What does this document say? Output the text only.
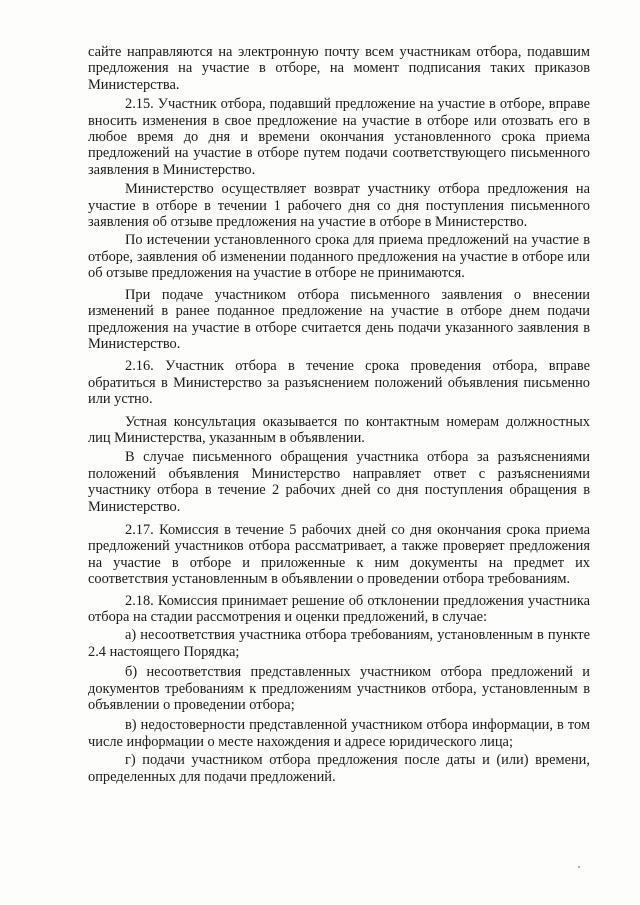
сайте направляются на электронную почту всем участникам отбора, подавшим предложения на участие в отборе, на момент подписания таких приказов Министерства.

2.15. Участник отбора, подавший предложение на участие в отборе, вправе вносить изменения в свое предложение на участие в отборе или отозвать его в любое время до дня и времени окончания установленного срока приема предложений на участие в отборе путем подачи соответствующего письменного заявления в Министерство.

Министерство осуществляет возврат участнику отбора предложения на участие в отборе в течении 1 рабочего дня со дня поступления письменного заявления об отзыве предложения на участие в отборе в Министерство.

По истечении установленного срока для приема предложений на участие в отборе, заявления об изменении поданного предложения на участие в отборе или об отзыве предложения на участие в отборе не принимаются.

При подаче участником отбора письменного заявления о внесении изменений в ранее поданное предложение на участие в отборе днем подачи предложения на участие в отборе считается день подачи указанного заявления в Министерство.

2.16. Участник отбора в течение срока проведения отбора, вправе обратиться в Министерство за разъяснением положений объявления письменно или устно.

Устная консультация оказывается по контактным номерам должностных лиц Министерства, указанным в объявлении.

В случае письменного обращения участника отбора за разъяснениями положений объявления Министерство направляет ответ с разъяснениями участнику отбора в течение 2 рабочих дней со дня поступления обращения в Министерство.

2.17. Комиссия в течение 5 рабочих дней со дня окончания срока приема предложений участников отбора рассматривает, а также проверяет предложения на участие в отборе и приложенные к ним документы на предмет их соответствия установленным в объявлении о проведении отбора требованиям.

2.18. Комиссия принимает решение об отклонении предложения участника отбора на стадии рассмотрения и оценки предложений, в случае:

а) несоответствия участника отбора требованиям, установленным в пункте 2.4 настоящего Порядка;

б) несоответствия представленных участником отбора предложений и документов требованиям к предложениям участников отбора, установленным в объявлении о проведении отбора;

в) недостоверности представленной участником отбора информации, в том числе информации о месте нахождения и адресе юридического лица;

г) подачи участником отбора предложения после даты и (или) времени, определенных для подачи предложений.
